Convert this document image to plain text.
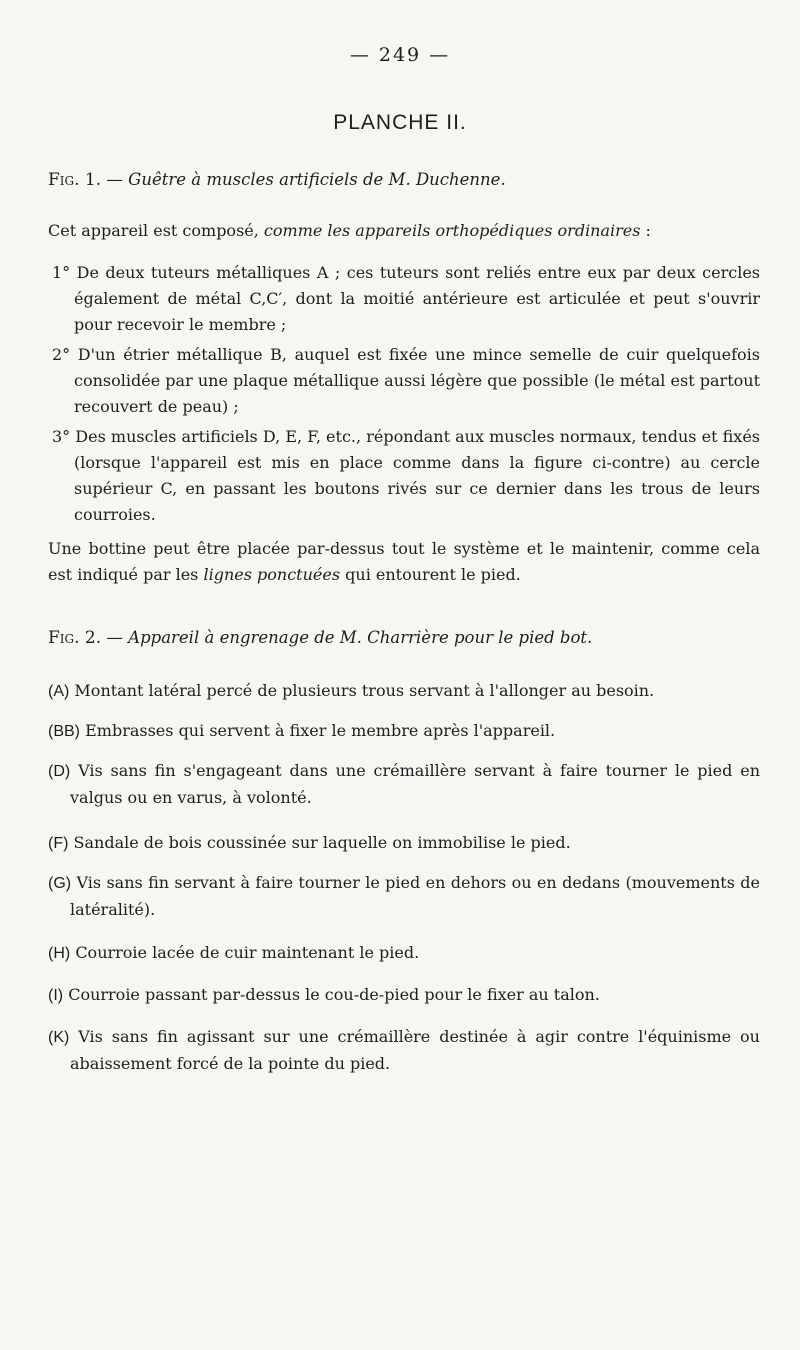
— 249 —
PLANCHE II.
Fig. 1. — Guêtre à muscles artificiels de M. Duchenne.
Cet appareil est composé, comme les appareils orthopédiques ordinaires :
1° De deux tuteurs métalliques A ; ces tuteurs sont reliés entre eux par deux cercles également de métal C,C′, dont la moitié antérieure est articulée et peut s'ouvrir pour recevoir le membre ;
2° D'un étrier métallique B, auquel est fixée une mince semelle de cuir quelquefois consolidée par une plaque métallique aussi légère que possible (le métal est partout recouvert de peau) ;
3° Des muscles artificiels D, E, F, etc., répondant aux muscles normaux, tendus et fixés (lorsque l'appareil est mis en place comme dans la figure ci-contre) au cercle supérieur C, en passant les boutons rivés sur ce dernier dans les trous de leurs courroies.
Une bottine peut être placée par-dessus tout le système et le maintenir, comme cela est indiqué par les lignes ponctuées qui entourent le pied.
Fig. 2. — Appareil à engrenage de M. Charrière pour le pied bot.
(A) Montant latéral percé de plusieurs trous servant à l'allonger au besoin.
(BB) Embrasses qui servent à fixer le membre après l'appareil.
(D) Vis sans fin s'engageant dans une crémaillère servant à faire tourner le pied en valgus ou en varus, à volonté.
(F) Sandale de bois coussinée sur laquelle on immobilise le pied.
(G) Vis sans fin servant à faire tourner le pied en dehors ou en dedans (mouvements de latéralité).
(H) Courroie lacée de cuir maintenant le pied.
(I) Courroie passant par-dessus le cou-de-pied pour le fixer au talon.
(K) Vis sans fin agissant sur une crémaillère destinée à agir contre l'équinisme ou abaissement forcé de la pointe du pied.
